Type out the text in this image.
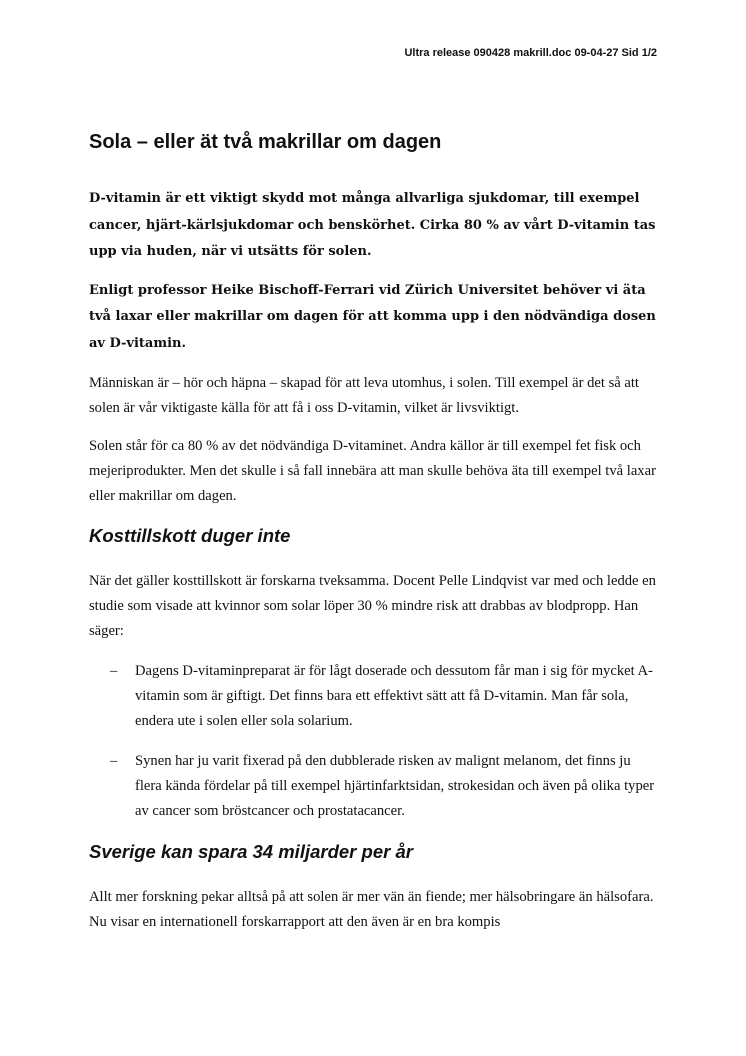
Ultra release 090428 makrill.doc 09-04-27 Sid 1/2
Sola – eller ät två makrillar om dagen

D-vitamin är ett viktigt skydd mot många allvarliga sjukdomar, till exempel cancer, hjärt-kärlsjukdomar och benskörhet. Cirka 80 % av vårt D-vitamin tas upp via huden, när vi utsätts för solen.

Enligt professor Heike Bischoff-Ferrari vid Zürich Universitet behöver vi äta två laxar eller makrillar om dagen för att komma upp i den nödvändiga dosen av D-vitamin.

Människan är – hör och häpna – skapad för att leva utomhus, i solen. Till exempel är det så att solen är vår viktigaste källa för att få i oss D-vitamin, vilket är livsviktigt.

Solen står för ca 80 % av det nödvändiga D-vitaminet. Andra källor är till exempel fet fisk och mejeriprodukter. Men det skulle i så fall innebära att man skulle behöva äta till exempel två laxar eller makrillar om dagen.

Kosttillskott duger inte

När det gäller kosttillskott är forskarna tveksamma. Docent Pelle Lindqvist var med och ledde en studie som visade att kvinnor som solar löper 30 % mindre risk att drabbas av blodpropp. Han säger:

– Dagens D-vitaminpreparat är för lågt doserade och dessutom får man i sig för mycket A-vitamin som är giftigt. Det finns bara ett effektivt sätt att få D-vitamin. Man får sola, endera ute i solen eller sola solarium.
– Synen har ju varit fixerad på den dubblerade risken av malignt melanom, det finns ju flera kända fördelar på till exempel hjärtinfarktsidan, strokesidan och även på olika typer av cancer som bröstcancer och prostatacancer.
Sverige kan spara 34 miljarder per år

Allt mer forskning pekar alltså på att solen är mer vän än fiende; mer hälsobringare än hälsofara. Nu visar en internationell forskarrapport att den även är en bra kompis
